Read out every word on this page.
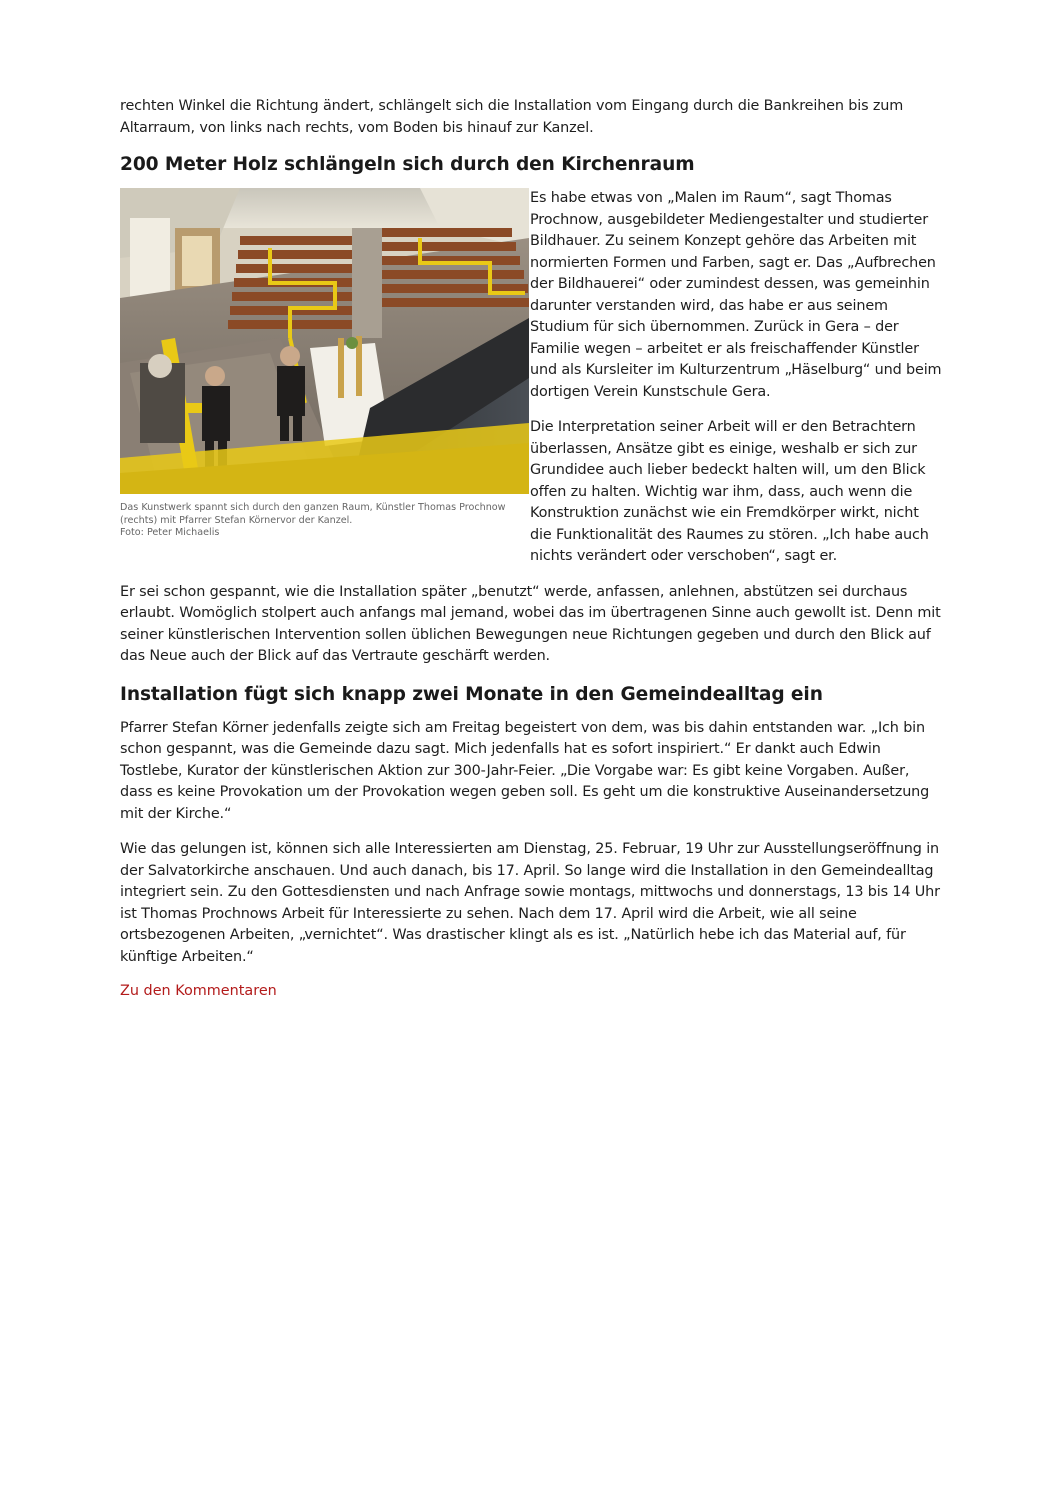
rechten Winkel die Richtung ändert, schlängelt sich die Installation vom Eingang durch die Bankreihen bis zum Altarraum, von links nach rechts, vom Boden bis hinauf zur Kanzel.

200 Meter Holz schlängeln sich durch den Kirchenraum
Das Kunstwerk spannt sich durch den ganzen Raum, Künstler Thomas Prochnow
(rechts) mit Pfarrer Stefan Körnervor der Kanzel.
Foto: Peter Michaelis

Es habe etwas von „Malen im Raum“, sagt Thomas Prochnow, ausgebildeter Mediengestalter und studierter Bildhauer. Zu seinem Konzept gehöre das Arbeiten mit normierten Formen und Farben, sagt er. Das „Aufbrechen der Bildhauerei“ oder zumindest dessen, was gemeinhin darunter verstanden wird, das habe er aus seinem Studium für sich übernommen. Zurück in Gera – der Familie wegen – arbeitet er als freischaffender Künstler und als Kursleiter im Kulturzentrum „Häselburg“ und beim dortigen Verein Kunstschule Gera.

Die Interpretation seiner Arbeit will er den Betrachtern überlassen, Ansätze gibt es einige, weshalb er sich zur Grundidee auch lieber bedeckt halten will, um den Blick offen zu halten. Wichtig war ihm, dass, auch wenn die Konstruktion zunächst wie ein Fremdkörper wirkt, nicht die Funktionalität des Raumes zu stören. „Ich habe auch nichts verändert oder verschoben“, sagt er.

Er sei schon gespannt, wie die Installation später „benutzt“ werde, anfassen, anlehnen, abstützen sei durchaus erlaubt. Womöglich stolpert auch anfangs mal jemand, wobei das im übertragenen Sinne auch gewollt ist. Denn mit seiner künstlerischen Intervention sollen üblichen Bewegungen neue Richtungen gegeben und durch den Blick auf das Neue auch der Blick auf das Vertraute geschärft werden.

Installation fügt sich knapp zwei Monate in den Gemeindealltag ein

Pfarrer Stefan Körner jedenfalls zeigte sich am Freitag begeistert von dem, was bis dahin entstanden war. „Ich bin schon gespannt, was die Gemeinde dazu sagt. Mich jedenfalls hat es sofort inspiriert.“ Er dankt auch Edwin Tostlebe, Kurator der künstlerischen Aktion zur 300-Jahr-Feier. „Die Vorgabe war: Es gibt keine Vorgaben. Außer, dass es keine Provokation um der Provokation wegen geben soll. Es geht um die konstruktive Auseinandersetzung mit der Kirche.“

Wie das gelungen ist, können sich alle Interessierten am Dienstag, 25. Februar, 19 Uhr zur Ausstellungseröffnung in der Salvatorkirche anschauen. Und auch danach, bis 17. April. So lange wird die Installation in den Gemeindealltag integriert sein. Zu den Gottesdiensten und nach Anfrage sowie montags, mittwochs und donnerstags, 13 bis 14 Uhr ist Thomas Prochnows Arbeit für Interessierte zu sehen. Nach dem 17. April wird die Arbeit, wie all seine ortsbezogenen Arbeiten, „vernichtet“. Was drastischer klingt als es ist. „Natürlich hebe ich das Material auf, für künftige Arbeiten.“

Zu den Kommentaren
